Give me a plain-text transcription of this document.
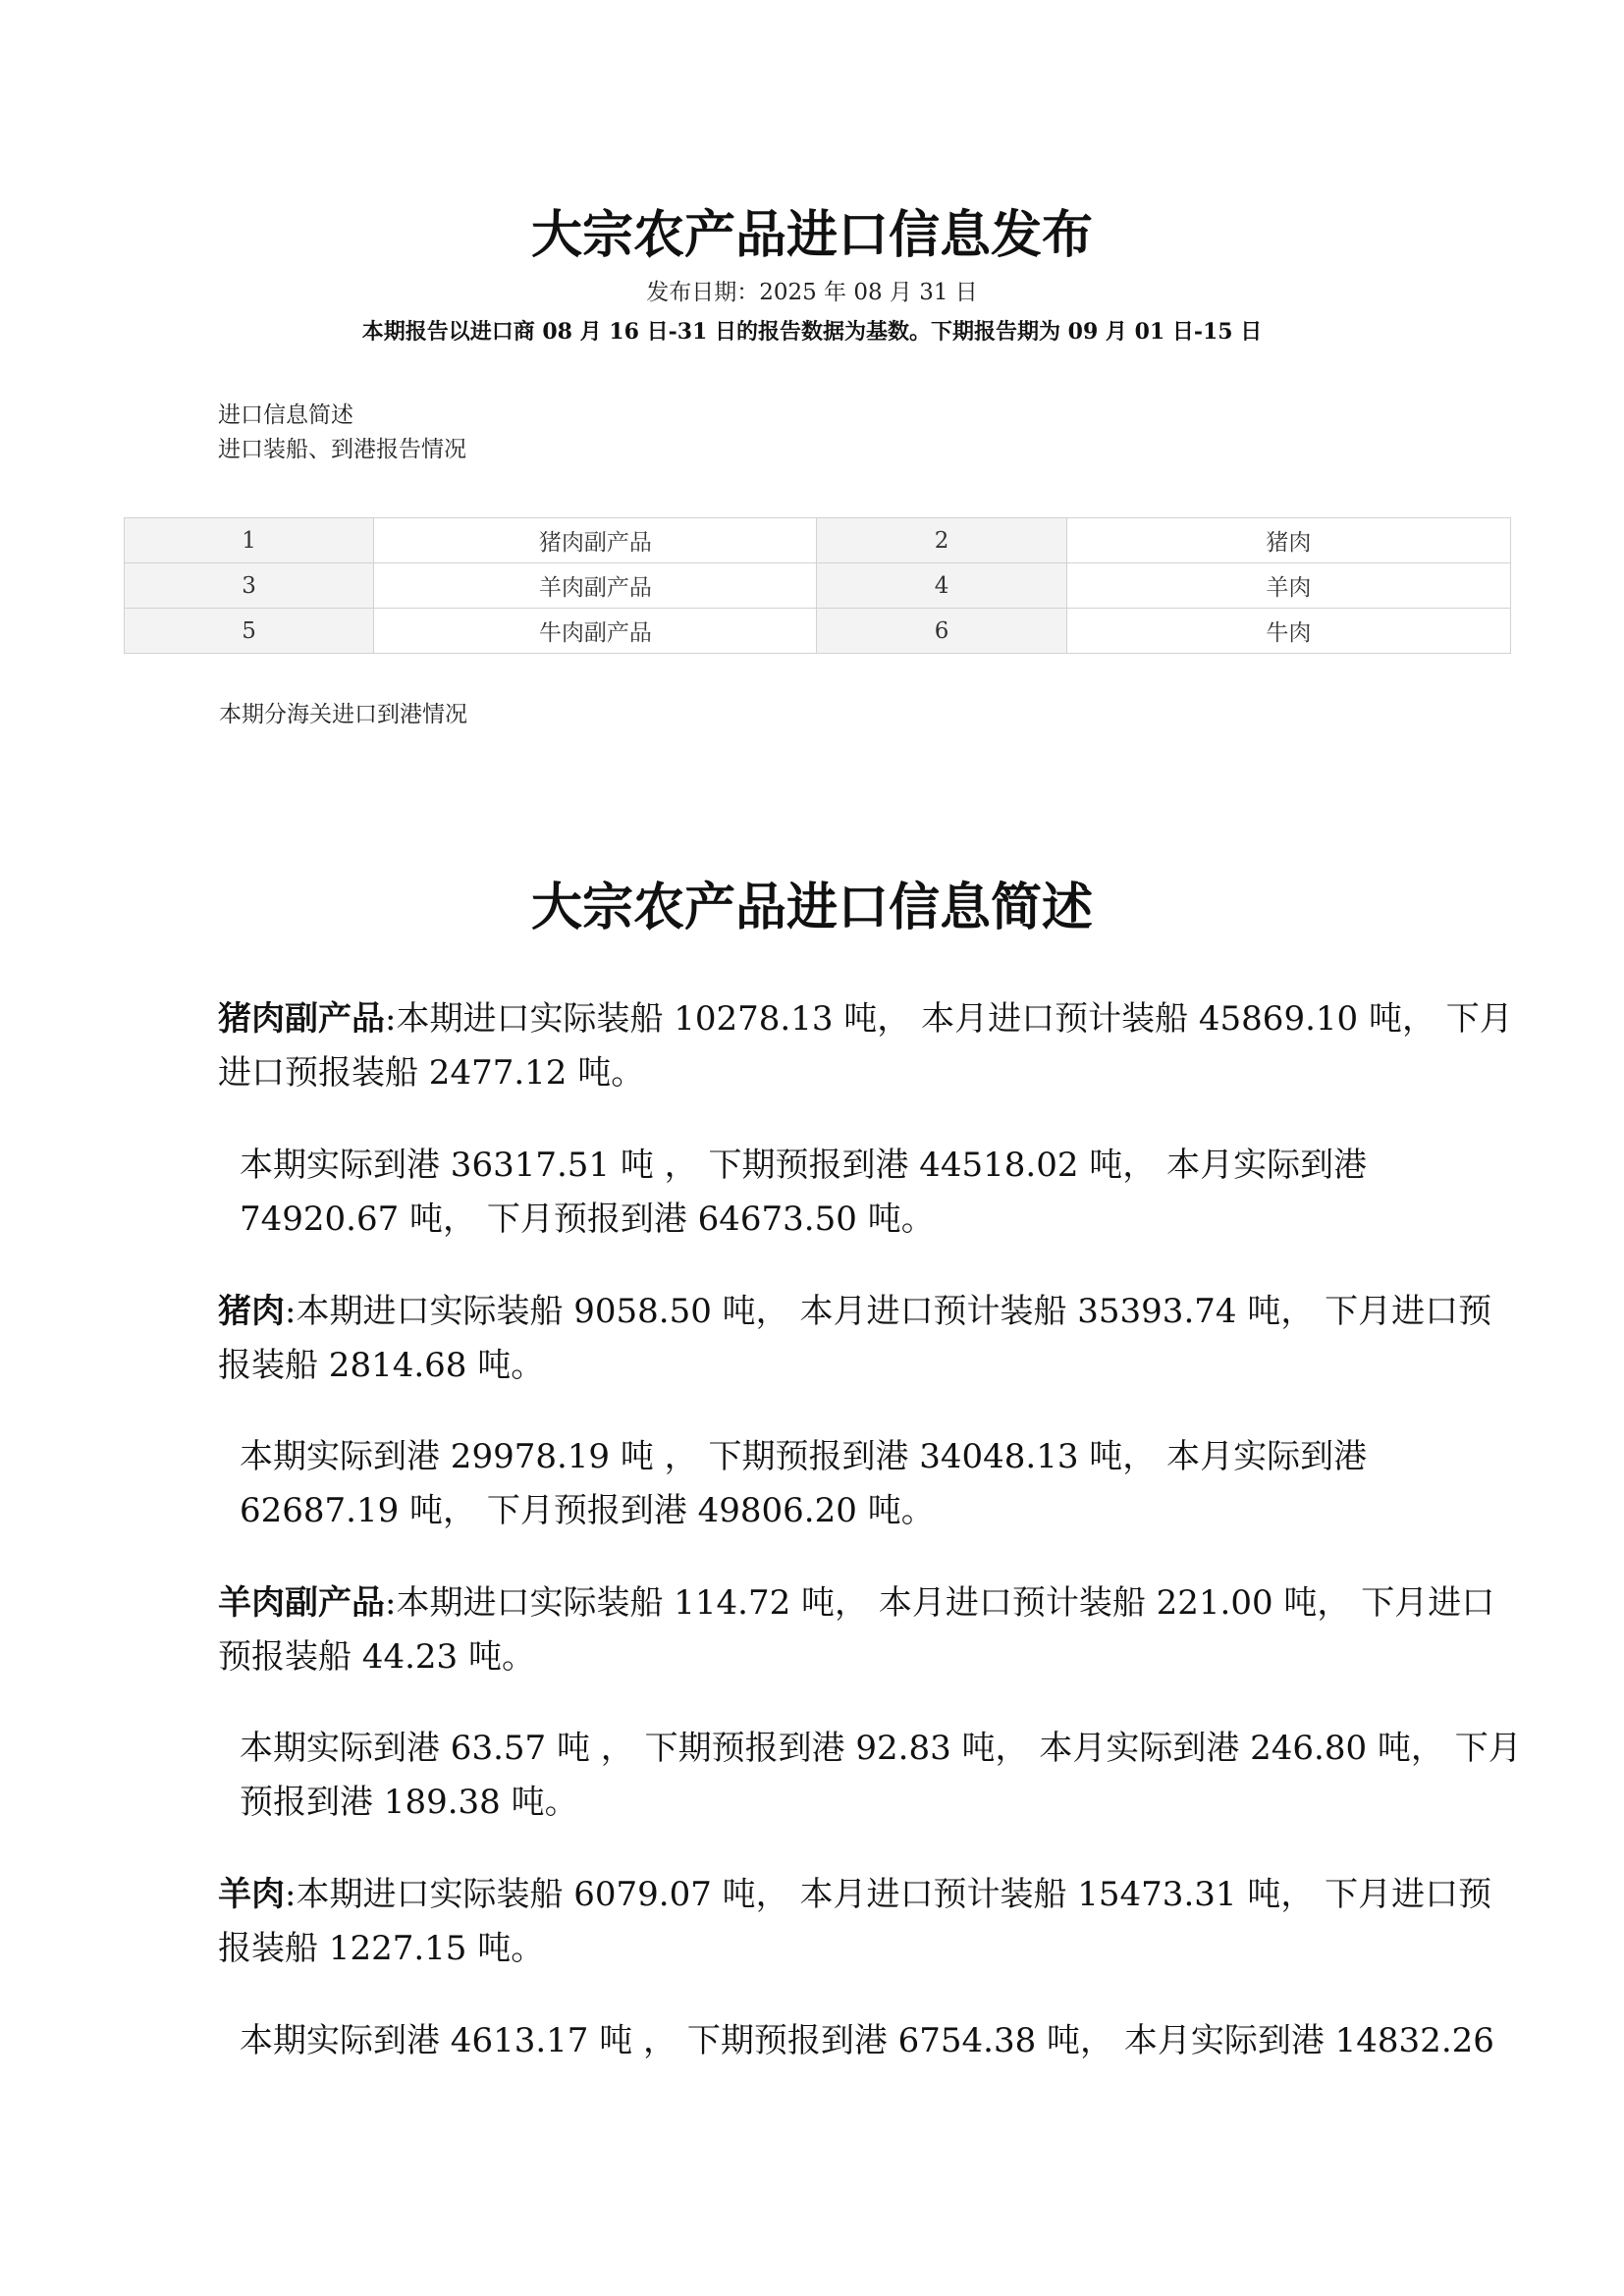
大宗农产品进口信息发布
发布日期：2025 年 08 月 31 日
本期报告以进口商 08 月 16 日-31 日的报告数据为基数。下期报告期为 09 月 01 日-15 日
进口信息简述
进口装船、到港报告情况
1	猪肉副产品	2	猪肉
3	羊肉副产品	4	羊肉
5	牛肉副产品	6	牛肉
本期分海关进口到港情况
大宗农产品进口信息简述

猪肉副产品:本期进口实际装船 10278.13 吨， 本月进口预计装船 45869.10 吨， 下月进口预报装船 2477.12 吨。

本期实际到港 36317.51 吨 ， 下期预报到港 44518.02 吨， 本月实际到港 74920.67 吨， 下月预报到港 64673.50 吨。

猪肉:本期进口实际装船 9058.50 吨， 本月进口预计装船 35393.74 吨， 下月进口预报装船 2814.68 吨。

本期实际到港 29978.19 吨 ， 下期预报到港 34048.13 吨， 本月实际到港 62687.19 吨， 下月预报到港 49806.20 吨。

羊肉副产品:本期进口实际装船 114.72 吨， 本月进口预计装船 221.00 吨， 下月进口预报装船 44.23 吨。

本期实际到港 63.57 吨 ， 下期预报到港 92.83 吨， 本月实际到港 246.80 吨， 下月预报到港 189.38 吨。

羊肉:本期进口实际装船 6079.07 吨， 本月进口预计装船 15473.31 吨， 下月进口预报装船 1227.15 吨。

本期实际到港 4613.17 吨 ， 下期预报到港 6754.38 吨， 本月实际到港 14832.26
